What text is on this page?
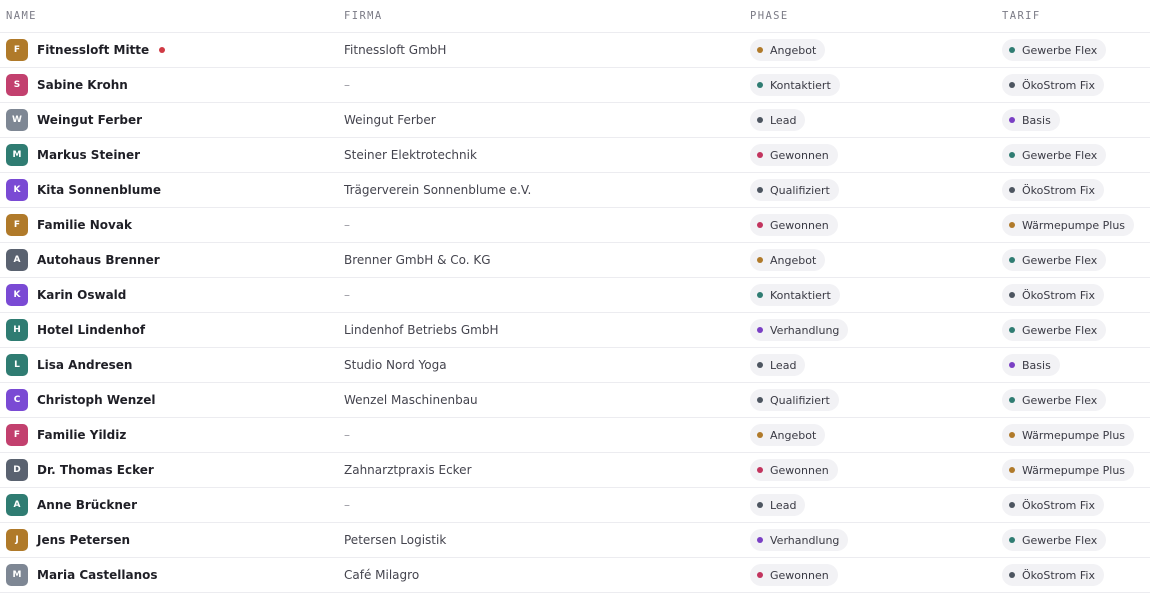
NAME	FIRMA	PHASE	TARIF
F	Fitnessloft Mitte	Fitnessloft GmbH	Angebot	Gewerbe Flex
S	Sabine Krohn	–	Kontaktiert	ÖkoStrom Fix
W	Weingut Ferber	Weingut Ferber	Lead	Basis
M	Markus Steiner	Steiner Elektrotechnik	Gewonnen	Gewerbe Flex
K	Kita Sonnenblume	Trägerverein Sonnenblume e.V.	Qualifiziert	ÖkoStrom Fix
F	Familie Novak	–	Gewonnen	Wärmepumpe Plus
A	Autohaus Brenner	Brenner GmbH & Co. KG	Angebot	Gewerbe Flex
K	Karin Oswald	–	Kontaktiert	ÖkoStrom Fix
H	Hotel Lindenhof	Lindenhof Betriebs GmbH	Verhandlung	Gewerbe Flex
L	Lisa Andresen	Studio Nord Yoga	Lead	Basis
C	Christoph Wenzel	Wenzel Maschinenbau	Qualifiziert	Gewerbe Flex
F	Familie Yildiz	–	Angebot	Wärmepumpe Plus
D	Dr. Thomas Ecker	Zahnarztpraxis Ecker	Gewonnen	Wärmepumpe Plus
A	Anne Brückner	–	Lead	ÖkoStrom Fix
J	Jens Petersen	Petersen Logistik	Verhandlung	Gewerbe Flex
M	Maria Castellanos	Café Milagro	Gewonnen	ÖkoStrom Fix
